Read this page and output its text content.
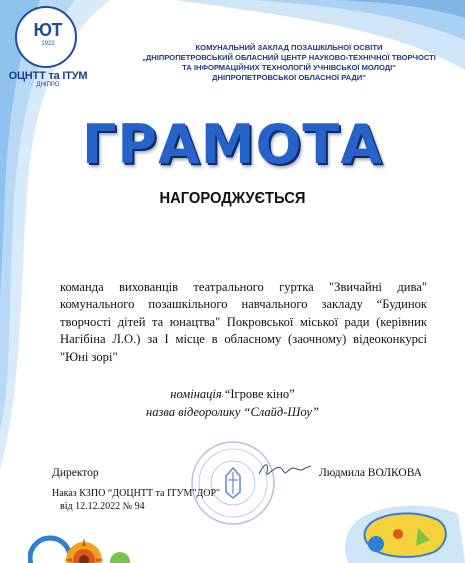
ЮТ
1922
ОЦНТТ та ІТУМ
ДНІПРО
КОМУНАЛЬНИЙ ЗАКЛАД ПОЗАШКІЛЬНОЇ ОСВІТИ
„ДНІПРОПЕТРОВСЬКИЙ ОБЛАСНИЙ ЦЕНТР НАУКОВО-ТЕХНІЧНОЇ ТВОРЧОСТІ
ТА ІНФОРМАЦІЙНИХ ТЕХНОЛОГІЙ УЧНІВСЬКОЇ МОЛОДІ"
ДНІПРОПЕТРОВСЬКОЇ ОБЛАСНОЇ РАДИ"
ГРАМОТА
НАГОРОДЖУЄТЬСЯ
команда вихованців театрального гуртка "Звичайні дива" комунального позашкільного навчального закладу “Будинок творчості дітей та юнацтва" Покровської міської ради (керівник Нагібіна Л.О.) за І місце в обласному (заочному) відеоконкурсі "Юні зорі"
номінація “Ігрове кіно”
назва відеоролику “Слайд-Шоу”
Директор	Людмила ВОЛКОВА
Наказ КЗПО “ДОЦНТТ та ІТУМ"ДОР"
від 12.12.2022 № 94
